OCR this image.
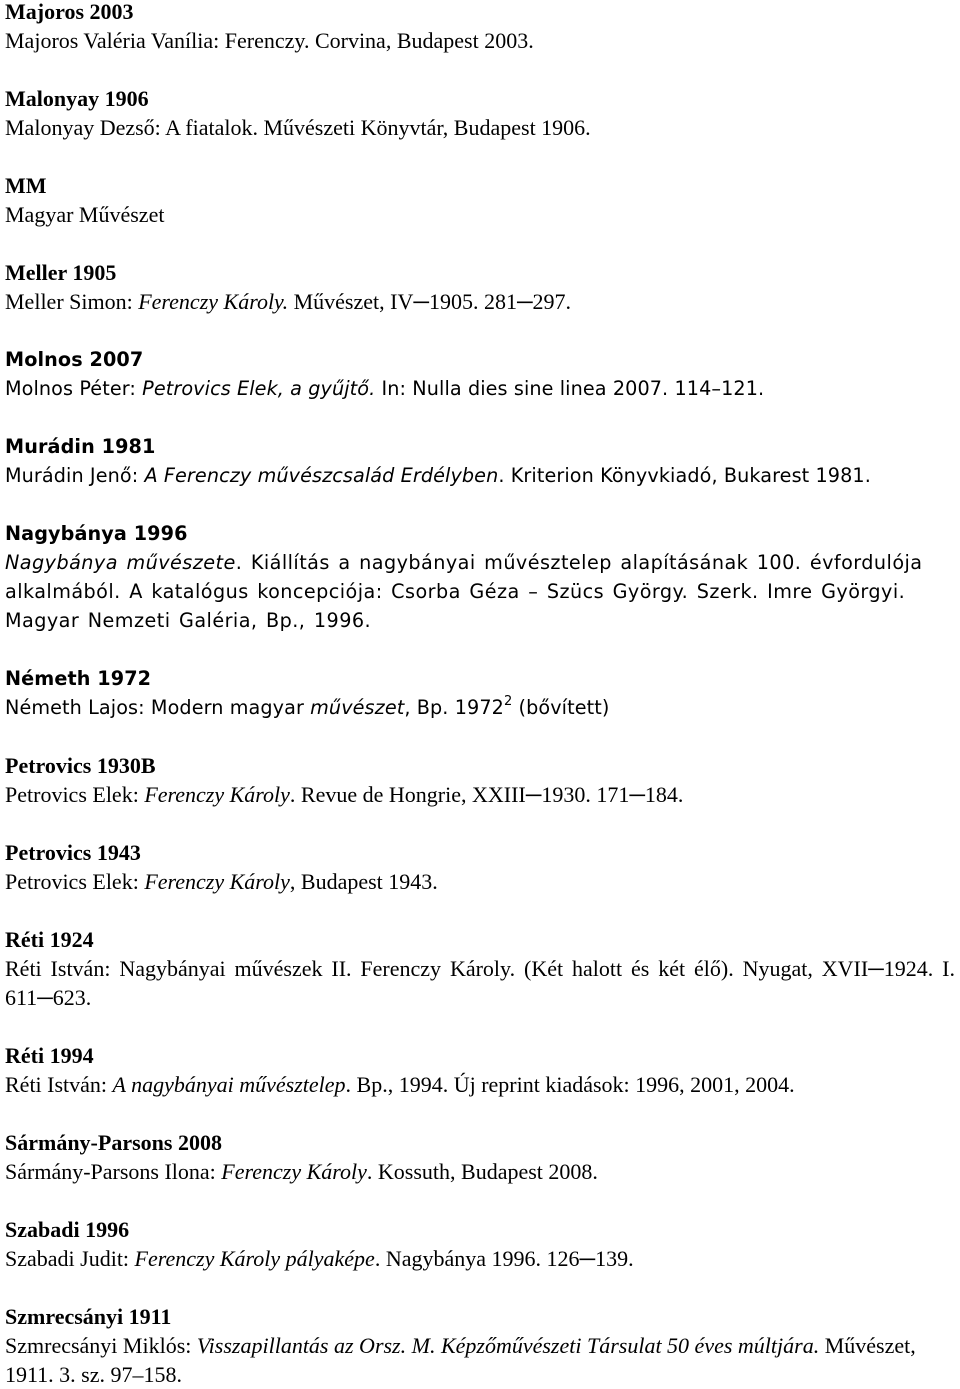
Majoros 2003
Majoros Valéria Vanília: Ferenczy. Corvina, Budapest 2003.
Malonyay 1906
Malonyay Dezső: A fiatalok. Művészeti Könyvtár, Budapest 1906.
MM
Magyar Művészet
Meller 1905
Meller Simon: Ferenczy Károly. Művészet, IV─1905. 281─297.
Molnos 2007
Molnos Péter: Petrovics Elek, a gyűjtő. In: Nulla dies sine linea 2007. 114–121.
Murádin 1981
Murádin Jenő: A Ferenczy művészcsalád Erdélyben. Kriterion Könyvkiadó, Bukarest 1981.
Nagybánya 1996
Nagybánya művészete. Kiállítás a nagybányai művésztelep alapításának 100. évfordulója alkalmából. A katalógus koncepciója: Csorba Géza – Szücs György. Szerk. Imre Györgyi. Magyar Nemzeti Galéria, Bp., 1996.
Németh 1972
Németh Lajos: Modern magyar művészet, Bp. 1972$^2$ (bővített)
Petrovics 1930B
Petrovics Elek: Ferenczy Károly. Revue de Hongrie, XXIII─1930. 171─184.
Petrovics 1943
Petrovics Elek: Ferenczy Károly, Budapest 1943.
Réti 1924
Réti István: Nagybányai művészek II. Ferenczy Károly. (Két halott és két élő). Nyugat, XVII─1924. I. 611─623.
Réti 1994
Réti István: A nagybányai művésztelep. Bp., 1994. Új reprint kiadások: 1996, 2001, 2004.
Sármány-Parsons 2008
Sármány-Parsons Ilona: Ferenczy Károly. Kossuth, Budapest 2008.
Szabadi 1996
Szabadi Judit: Ferenczy Károly pályaképe. Nagybánya 1996. 126─139.
Szmrecsányi 1911
Szmrecsányi Miklós: Visszapillantás az Orsz. M. Képzőművészeti Társulat 50 éves múltjára. Művészet, 1911. 3. sz. 97–158.
